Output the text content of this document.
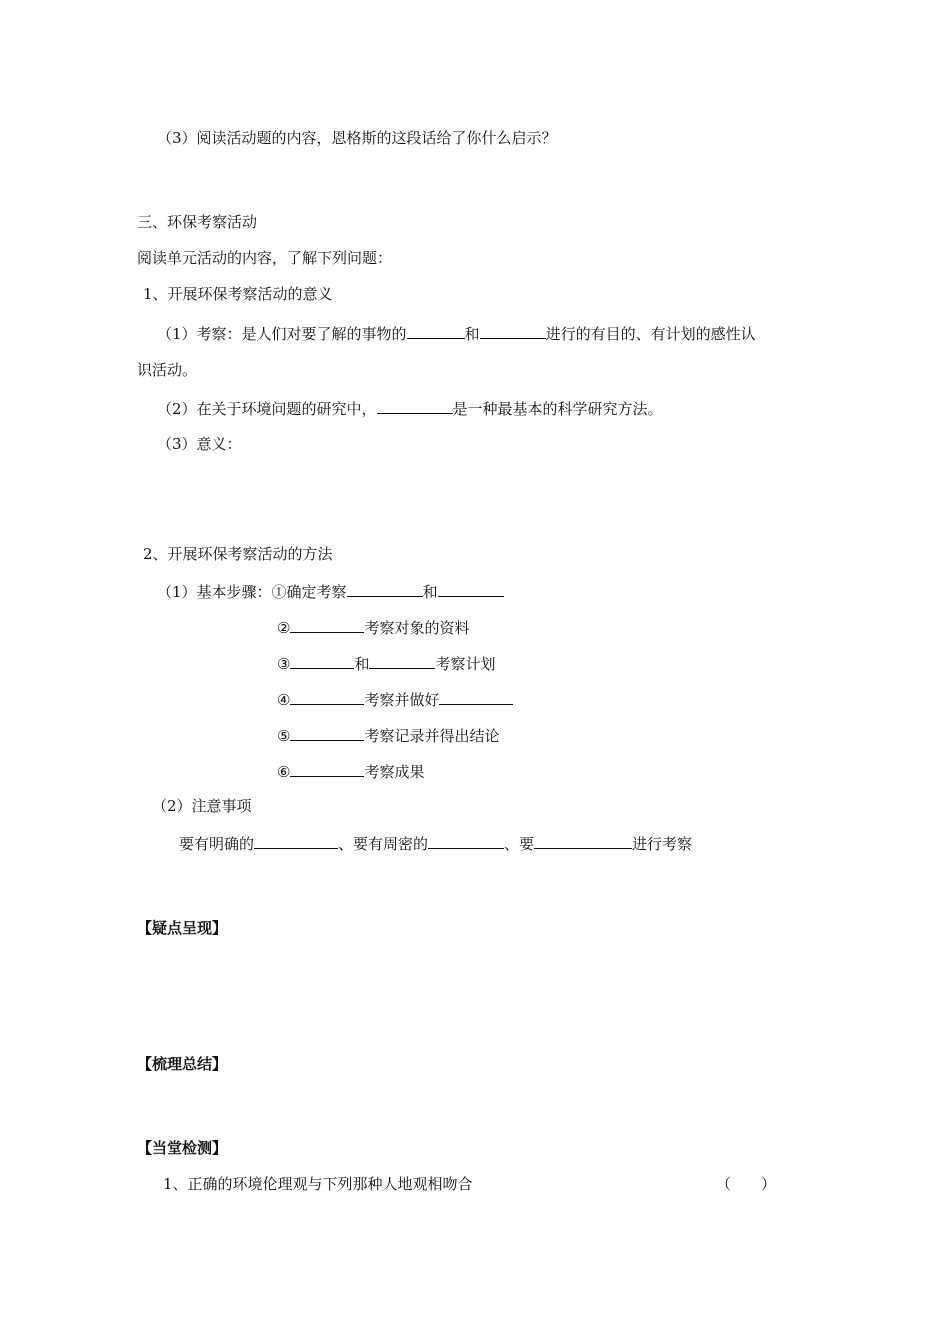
（3）阅读活动题的内容，恩格斯的这段话给了你什么启示？
三、环保考察活动
阅读单元活动的内容，了解下列问题：
1、开展环保考察活动的意义
（1）考察：是人们对要了解的事物的	和	进行的有目的、有计划的感性认
识活动。
（2）在关于环境问题的研究中，	是一种最基本的科学研究方法。
（3）意义：
2、开展环保考察活动的方法
（1）基本步骤：①确定考察	和
②	考察对象的资料
③	和	考察计划
④	考察并做好
⑤	考察记录并得出结论
⑥	考察成果
（2）注意事项
要有明确的	、要有周密的	、要	进行考察
【疑点呈现】
【梳理总结】
【当堂检测】
1、正确的环境伦理观与下列那种人地观相吻合	（　　）
